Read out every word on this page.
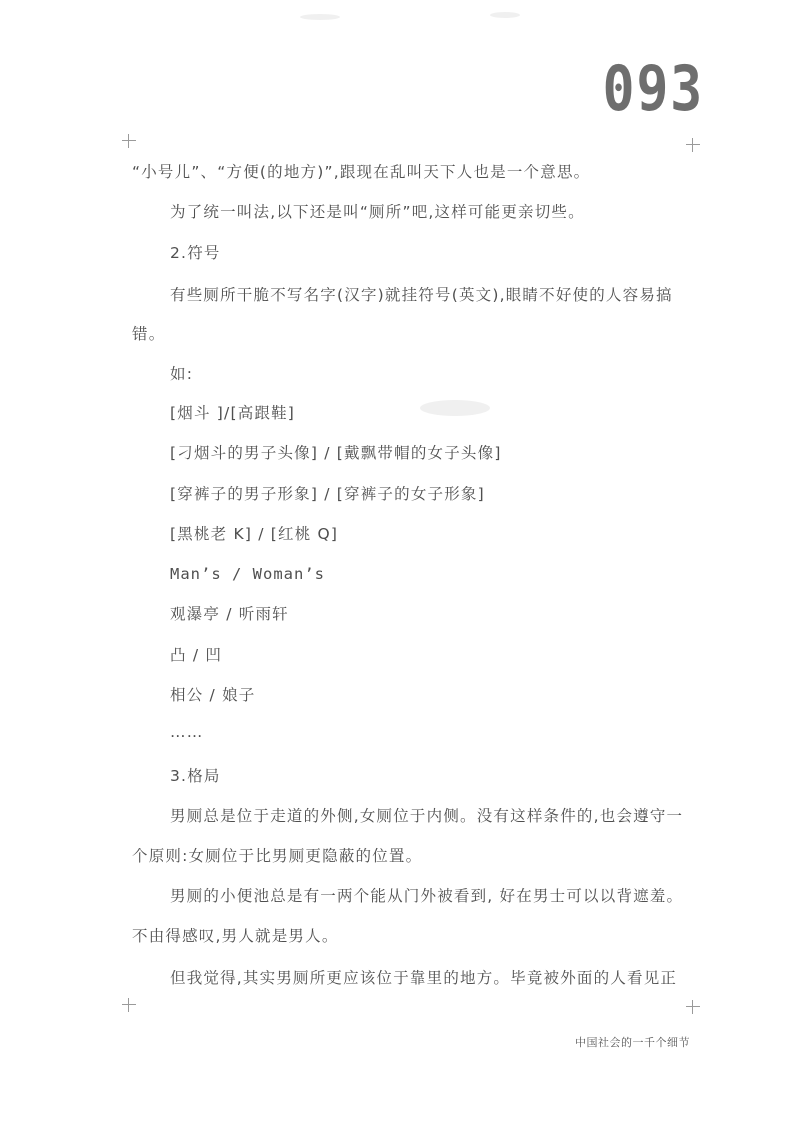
093
“小号儿”、“方便(的地方)”,跟现在乱叫天下人也是一个意思。
为了统一叫法,以下还是叫“厕所”吧,这样可能更亲切些。
2.符号
有些厕所干脆不写名字(汉字)就挂符号(英文),眼睛不好使的人容易搞
错。
如:
[烟斗 ]/[高跟鞋]
[刁烟斗的男子头像] / [戴飘带帽的女子头像]
[穿裤子的男子形象] / [穿裤子的女子形象]
[黑桃老 K] / [红桃 Q]
Man’s / Woman’s
观瀑亭 / 听雨轩
凸 / 凹
相公 / 娘子
……
3.格局
男厕总是位于走道的外侧,女厕位于内侧。没有这样条件的,也会遵守一
个原则:女厕位于比男厕更隐蔽的位置。
男厕的小便池总是有一两个能从门外被看到, 好在男士可以以背遮羞。
不由得感叹,男人就是男人。
但我觉得,其实男厕所更应该位于靠里的地方。毕竟被外面的人看见正
中国社会的一千个细节
